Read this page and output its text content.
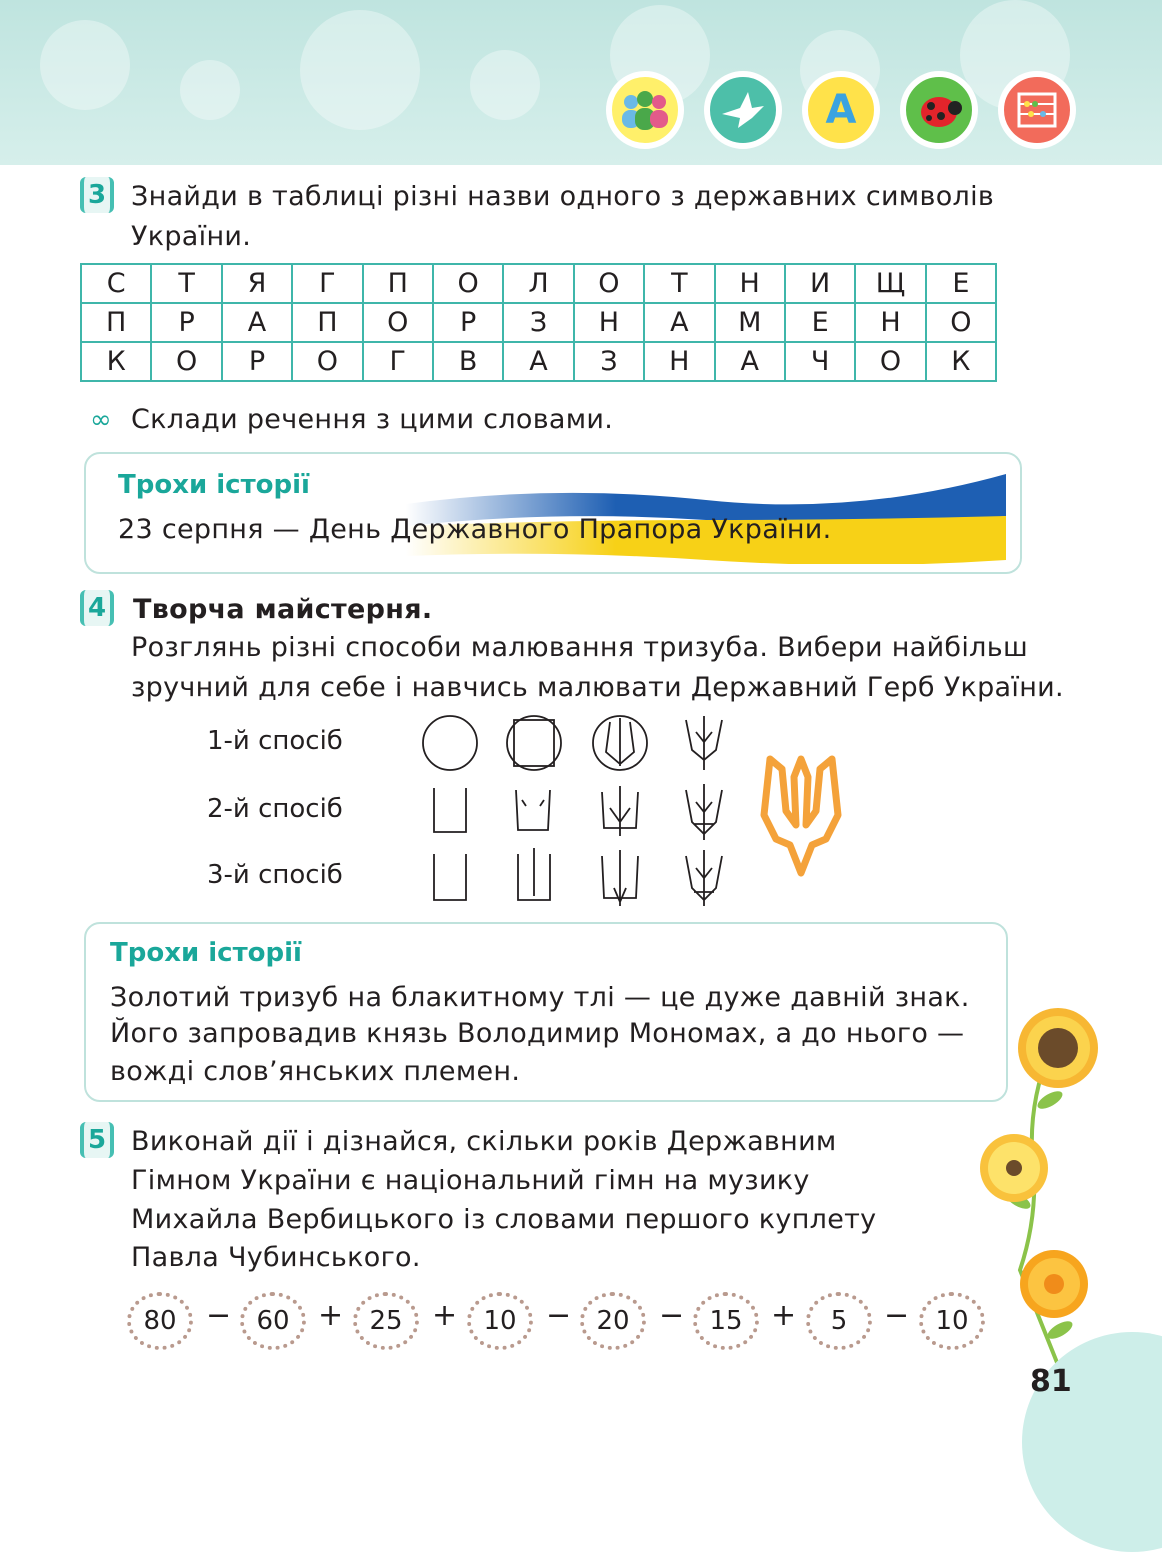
A
3 Знайди в таблиці різні назви одного з державних символів
України.
С	Т	Я	Г	П	О	Л	О	Т	Н	И	Щ	Е
П	Р	А	П	О	Р	З	Н	А	М	Е	Н	О
К	О	Р	О	Г	В	А	З	Н	А	Ч	О	К
∞ Склади речення з цими словами.
Трохи історії
23 серпня — День Державного Прапора України.
4 Творча майстерня.
Розглянь різні способи малювання тризуба. Вибери найбільш
зручний для себе і навчись малювати Державний Герб України.
1-й спосіб
2-й спосіб
3-й спосіб
Трохи історії
Золотий тризуб на блакитному тлі — це дуже давній знак.
Його запровадив князь Володимир Мономах, а до нього —
вожді слов’янських племен.
5 Виконай дії і дізнайся, скільки років Державним
Гімном України є національний гімн на музику
Михайла Вербицького із словами першого куплету
Павла Чубинського.
80 − 60 +	25 +	10 − 20 − 15 +	5	−	10
81
